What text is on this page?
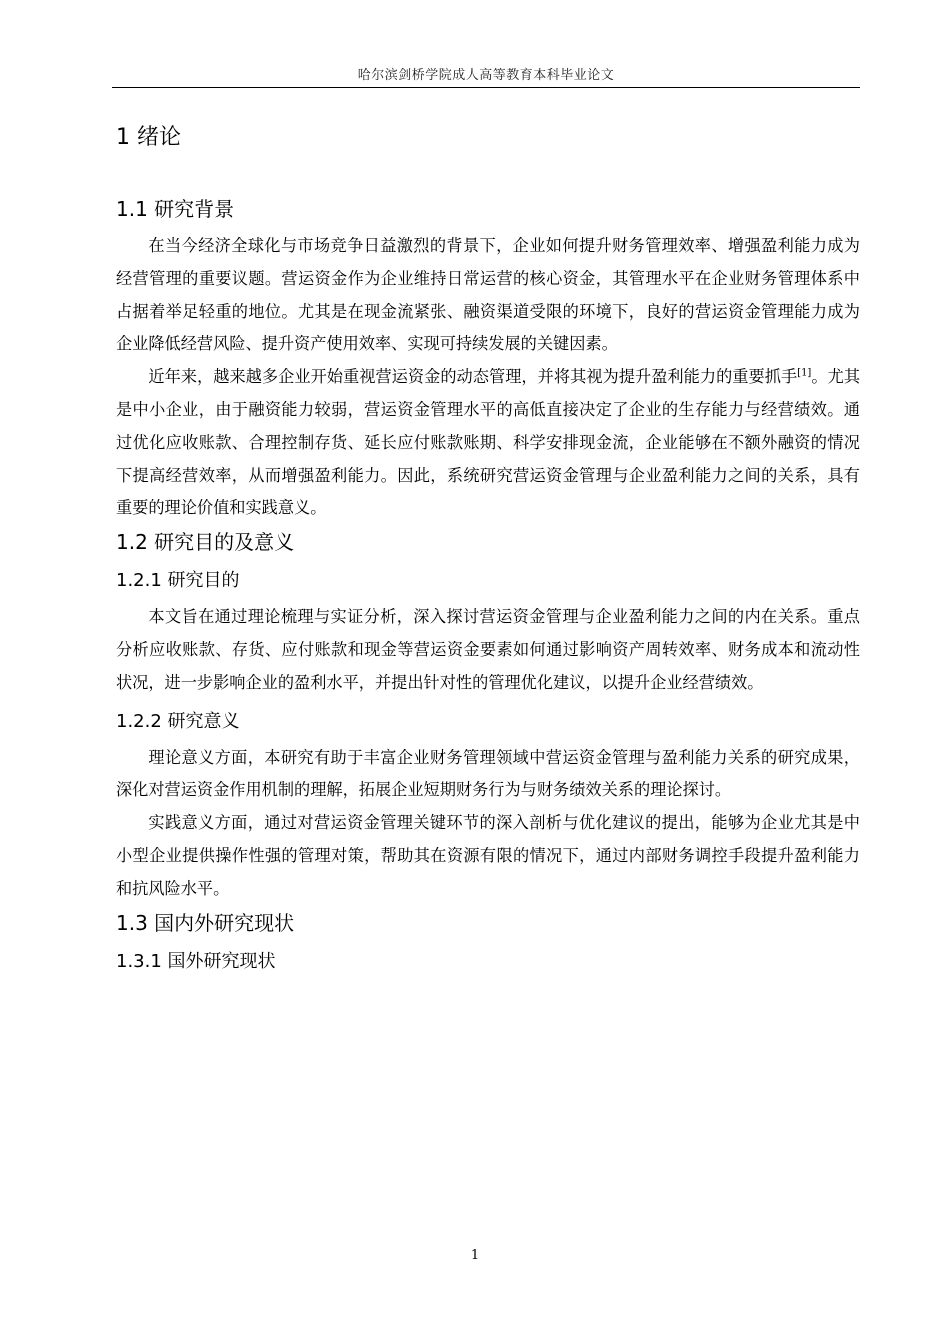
哈尔滨剑桥学院成人高等教育本科毕业论文
1 绪论
1.1 研究背景

在当今经济全球化与市场竞争日益激烈的背景下，企业如何提升财务管理效率、增强盈利能力成为经营管理的重要议题。营运资金作为企业维持日常运营的核心资金，其管理水平在企业财务管理体系中占据着举足轻重的地位。尤其是在现金流紧张、融资渠道受限的环境下，良好的营运资金管理能力成为企业降低经营风险、提升资产使用效率、实现可持续发展的关键因素。

近年来，越来越多企业开始重视营运资金的动态管理，并将其视为提升盈利能力的重要抓手[1]。尤其是中小企业，由于融资能力较弱，营运资金管理水平的高低直接决定了企业的生存能力与经营绩效。通过优化应收账款、合理控制存货、延长应付账款账期、科学安排现金流，企业能够在不额外融资的情况下提高经营效率，从而增强盈利能力。因此，系统研究营运资金管理与企业盈利能力之间的关系，具有重要的理论价值和实践意义。

1.2 研究目的及意义
1.2.1 研究目的

本文旨在通过理论梳理与实证分析，深入探讨营运资金管理与企业盈利能力之间的内在关系。重点分析应收账款、存货、应付账款和现金等营运资金要素如何通过影响资产周转效率、财务成本和流动性状况，进一步影响企业的盈利水平，并提出针对性的管理优化建议，以提升企业经营绩效。

1.2.2 研究意义

理论意义方面，本研究有助于丰富企业财务管理领域中营运资金管理与盈利能力关系的研究成果，深化对营运资金作用机制的理解，拓展企业短期财务行为与财务绩效关系的理论探讨。

实践意义方面，通过对营运资金管理关键环节的深入剖析与优化建议的提出，能够为企业尤其是中小型企业提供操作性强的管理对策，帮助其在资源有限的情况下，通过内部财务调控手段提升盈利能力和抗风险水平。

1.3 国内外研究现状
1.3.1 国外研究现状
1
